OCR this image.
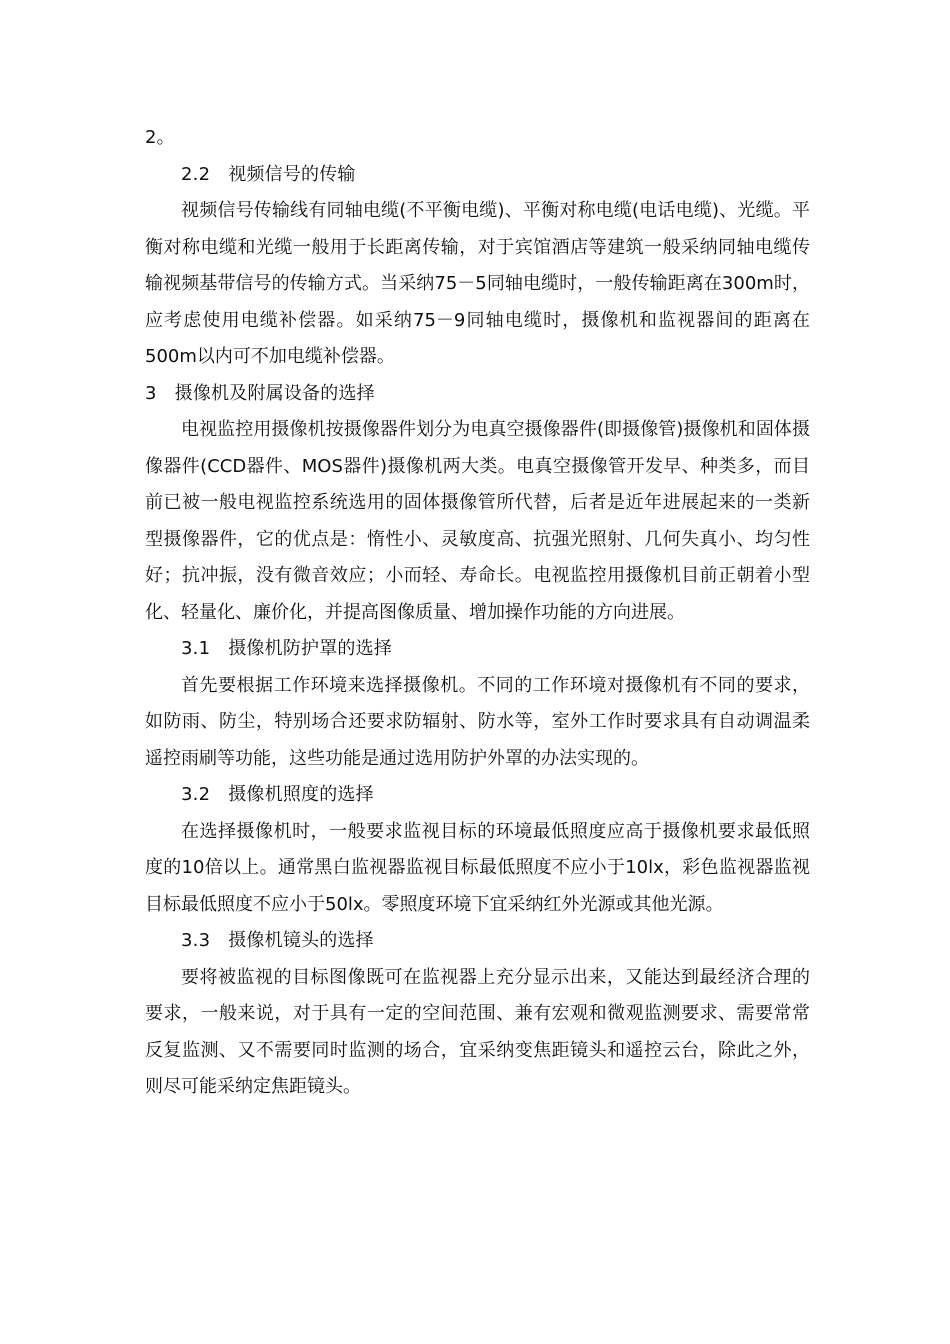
2。
2.2 视频信号的传输

视频信号传输线有同轴电缆(不平衡电缆)、平衡对称电缆(电话电缆)、光缆。平衡对称电缆和光缆一般用于长距离传输，对于宾馆酒店等建筑一般采纳同轴电缆传输视频基带信号的传输方式。当采纳75－5同轴电缆时，一般传输距离在300m时，应考虑使用电缆补偿器。如采纳75－9同轴电缆时，摄像机和监视器间的距离在500m以内可不加电缆补偿器。

3 摄像机及附属设备的选择

电视监控用摄像机按摄像器件划分为电真空摄像器件(即摄像管)摄像机和固体摄像器件(CCD器件、MOS器件)摄像机两大类。电真空摄像管开发早、种类多，而目前已被一般电视监控系统选用的固体摄像管所代替，后者是近年进展起来的一类新型摄像器件，它的优点是：惰性小、灵敏度高、抗强光照射、几何失真小、均匀性好；抗冲振，没有微音效应；小而轻、寿命长。电视监控用摄像机目前正朝着小型化、轻量化、廉价化，并提高图像质量、增加操作功能的方向进展。

3.1 摄像机防护罩的选择

首先要根据工作环境来选择摄像机。不同的工作环境对摄像机有不同的要求，如防雨、防尘，特别场合还要求防辐射、防水等，室外工作时要求具有自动调温柔遥控雨刷等功能，这些功能是通过选用防护外罩的办法实现的。

3.2 摄像机照度的选择

在选择摄像机时，一般要求监视目标的环境最低照度应高于摄像机要求最低照度的10倍以上。通常黑白监视器监视目标最低照度不应小于10lx，彩色监视器监视目标最低照度不应小于50lx。零照度环境下宜采纳红外光源或其他光源。

3.3 摄像机镜头的选择

要将被监视的目标图像既可在监视器上充分显示出来，又能达到最经济合理的要求，一般来说，对于具有一定的空间范围、兼有宏观和微观监测要求、需要常常反复监测、又不需要同时监测的场合，宜采纳变焦距镜头和遥控云台，除此之外，则尽可能采纳定焦距镜头。
